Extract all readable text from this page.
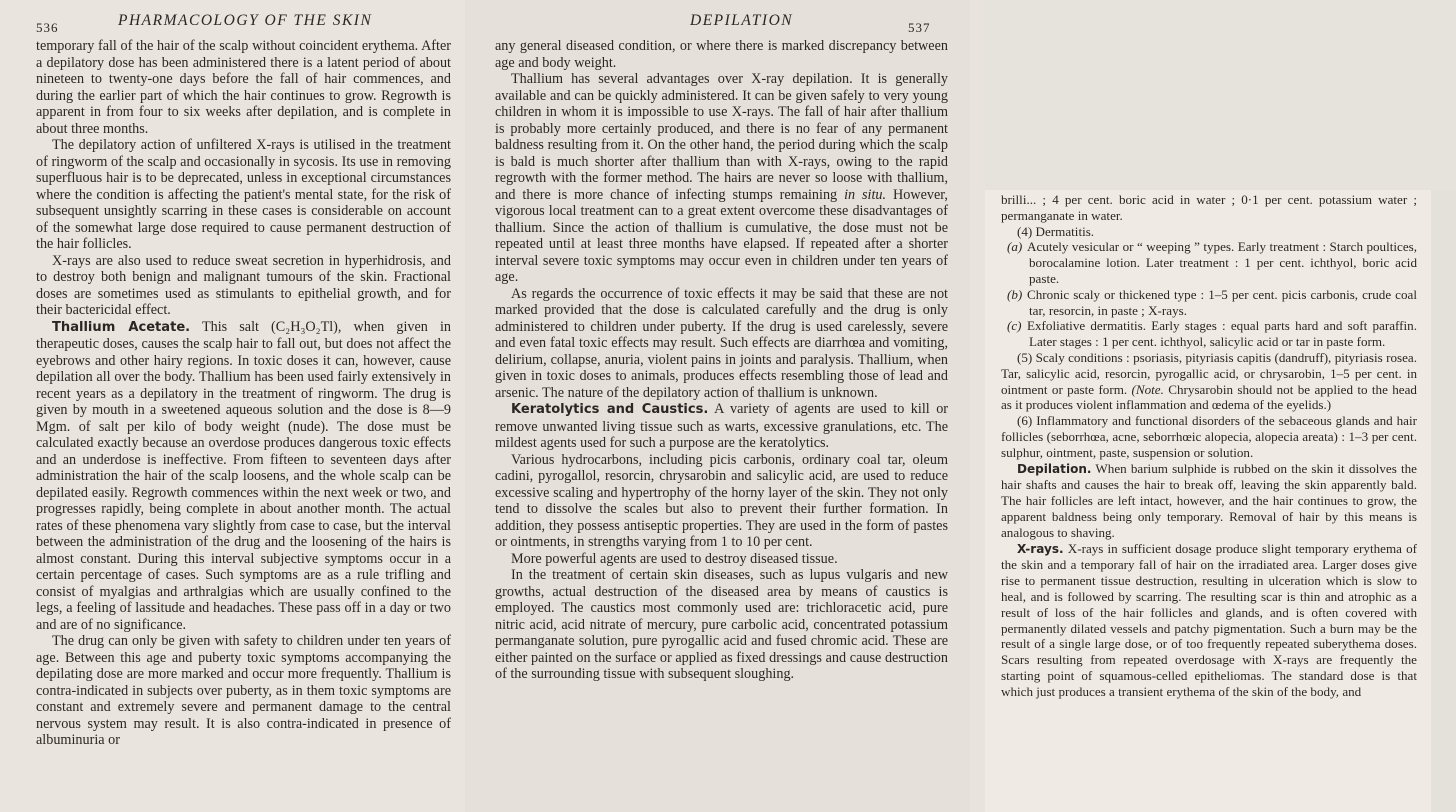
536	PHARMACOLOGY OF THE SKIN

temporary fall of the hair of the scalp without coincident erythema. After a depilatory dose has been administered there is a latent period of about nineteen to twenty-one days before the fall of hair commences, and during the earlier part of which the hair continues to grow. Regrowth is apparent in from four to six weeks after depilation, and is complete in about three months.

The depilatory action of unfiltered X-rays is utilised in the treatment of ringworm of the scalp and occasionally in sycosis. Its use in removing superfluous hair is to be deprecated, unless in exceptional circumstances where the condition is affecting the patient's mental state, for the risk of subsequent unsightly scarring in these cases is considerable on account of the somewhat large dose required to cause permanent destruction of the hair follicles.

X-rays are also used to reduce sweat secretion in hyperhidrosis, and to destroy both benign and malignant tumours of the skin. Fractional doses are sometimes used as stimulants to epithelial growth, and for their bactericidal effect.

Thallium Acetate. This salt (C₂H₃O₂Tl), when given in therapeutic doses, causes the scalp hair to fall out, but does not affect the eyebrows and other hairy regions. In toxic doses it can, however, cause depilation all over the body. Thallium has been used fairly extensively in recent years as a depilatory in the treatment of ringworm. The drug is given by mouth in a sweetened aqueous solution and the dose is 8—9 Mgm. of salt per kilo of body weight (nude). The dose must be calculated exactly because an overdose produces dangerous toxic effects and an underdose is ineffective. From fifteen to seventeen days after administration the hair of the scalp loosens, and the whole scalp can be depilated easily. Regrowth commences within the next week or two, and progresses rapidly, being complete in about another month. The actual rates of these phenomena vary slightly from case to case, but the interval between the administration of the drug and the loosening of the hairs is almost constant. During this interval subjective symptoms occur in a certain percentage of cases. Such symptoms are as a rule trifling and consist of myalgias and arthralgias which are usually confined to the legs, a feeling of lassitude and headaches. These pass off in a day or two and are of no significance.

The drug can only be given with safety to children under ten years of age. Between this age and puberty toxic symptoms accompanying the depilating dose are more marked and occur more frequently. Thallium is contra-indicated in subjects over puberty, as in them toxic symptoms are constant and extremely severe and permanent damage to the central nervous system may result. It is also contra-indicated in presence of albuminuria or

DEPILATION	537

any general diseased condition, or where there is marked discrepancy between age and body weight.

Thallium has several advantages over X-ray depilation. It is generally available and can be quickly administered. It can be given safely to very young children in whom it is impossible to use X-rays. The fall of hair after thallium is probably more certainly produced, and there is no fear of any permanent baldness resulting from it. On the other hand, the period during which the scalp is bald is much shorter after thallium than with X-rays, owing to the rapid regrowth with the former method. The hairs are never so loose with thallium, and there is more chance of infecting stumps remaining in situ. However, vigorous local treatment can to a great extent overcome these disadvantages of thallium. Since the action of thallium is cumulative, the dose must not be repeated until at least three months have elapsed. If repeated after a shorter interval severe toxic symptoms may occur even in children under ten years of age.

As regards the occurrence of toxic effects it may be said that these are not marked provided that the dose is calculated carefully and the drug is only administered to children under puberty. If the drug is used carelessly, severe and even fatal toxic effects may result. Such effects are diarrhœa and vomiting, delirium, collapse, anuria, violent pains in joints and paralysis. Thallium, when given in toxic doses to animals, produces effects resembling those of lead and arsenic. The nature of the depilatory action of thallium is unknown.

Keratolytics and Caustics. A variety of agents are used to kill or remove unwanted living tissue such as warts, excessive granulations, etc. The mildest agents used for such a purpose are the keratolytics.

Various hydrocarbons, including picis carbonis, ordinary coal tar, oleum cadini, pyrogallol, resorcin, chrysarobin and salicylic acid, are used to reduce excessive scaling and hypertrophy of the horny layer of the skin. They not only tend to dissolve the scales but also to prevent their further formation. In addition, they possess antiseptic properties. They are used in the form of pastes or ointments, in strengths varying from 1 to 10 per cent.

More powerful agents are used to destroy diseased tissue.

In the treatment of certain skin diseases, such as lupus vulgaris and new growths, actual destruction of the diseased area by means of caustics is employed. The caustics most commonly used are: trichloracetic acid, pure nitric acid, acid nitrate of mercury, pure carbolic acid, concentrated potassium permanganate solution, pure pyrogallic acid and fused chromic acid. These are either painted on the surface or applied as fixed dressings and cause destruction of the surrounding tissue with subsequent sloughing.

brilli... ; 4 per cent. boric acid in water ; 0·1 per cent. potassium water ; permanganate in water.

(4) Dermatitis.

(a) Acutely vesicular or “ weeping ” types. Early treatment : Starch poultices, borocalamine lotion. Later treatment : 1 per cent. ichthyol, boric acid paste.

(b) Chronic scaly or thickened type : 1–5 per cent. picis carbonis, crude coal tar, resorcin, in paste ; X-rays.

(c) Exfoliative dermatitis. Early stages : equal parts hard and soft paraffin. Later stages : 1 per cent. ichthyol, salicylic acid or tar in paste form.

(5) Scaly conditions : psoriasis, pityriasis capitis (dandruff), pityriasis rosea. Tar, salicylic acid, resorcin, pyrogallic acid, or chrysarobin, 1–5 per cent. in ointment or paste form. (Note. Chrysarobin should not be applied to the head as it produces violent inflammation and œdema of the eyelids.)

(6) Inflammatory and functional disorders of the sebaceous glands and hair follicles (seborrhœa, acne, seborrhœic alopecia, alopecia areata) : 1–3 per cent. sulphur, ointment, paste, suspension or solution.

Depilation. When barium sulphide is rubbed on the skin it dissolves the hair shafts and causes the hair to break off, leaving the skin apparently bald. The hair follicles are left intact, however, and the hair continues to grow, the apparent baldness being only temporary. Removal of hair by this means is analogous to shaving.

X-rays. X-rays in sufficient dosage produce slight temporary erythema of the skin and a temporary fall of hair on the irradiated area. Larger doses give rise to permanent tissue destruction, resulting in ulceration which is slow to heal, and is followed by scarring. The resulting scar is thin and atrophic as a result of loss of the hair follicles and glands, and is often covered with permanently dilated vessels and patchy pigmentation. Such a burn may be the result of a single large dose, or of too frequently repeated suberythema doses. Scars resulting from repeated overdosage with X-rays are frequently the starting point of squamous-celled epitheliomas. The standard dose is that which just produces a transient erythema of the skin of the body, and
